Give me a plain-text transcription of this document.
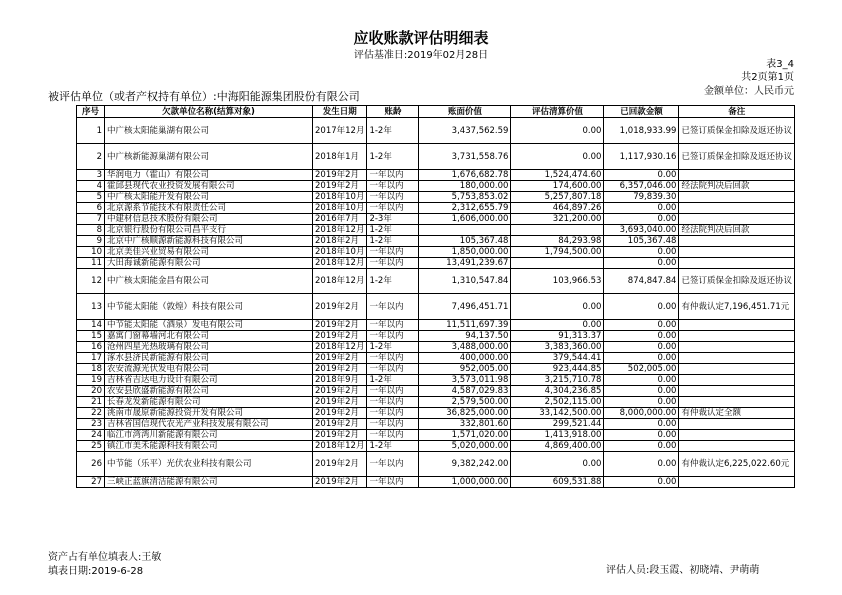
应收账款评估明细表
评估基准日:2019年02月28日
表3_4
共2页第1页
金额单位：人民币元
被评估单位（或者产权持有单位）:中海阳能源集团股份有限公司
序号	欠款单位名称(结算对象)	发生日期	账龄	账面价值	评估清算价值	已回款金额	备注
1	中广核太阳能巢湖有限公司	2017年12月	1-2年	3,437,562.59	0.00	1,018,933.99	已签订质保金扣除及返还协议
2	中广核新能源巢湖有限公司	2018年1月	1-2年	3,731,558.76	0.00	1,117,930.16	已签订质保金扣除及返还协议
3	华润电力（霍山）有限公司	2019年2月	一年以内	1,676,682.78	1,524,474.60	0.00	
4	霍邱县现代农业投资发展有限公司	2019年2月	一年以内	180,000.00	174,600.00	6,357,046.00	经法院判决后回款
5	中广核太阳能开发有限公司	2018年10月	一年以内	5,753,853.02	5,257,807.18	79,839.30	
6	北京源系节能技术有限责任公司	2018年10月	一年以内	2,312,655.79	464,897.26	0.00	
7	中建材信息技术股份有限公司	2016年7月	2-3年	1,606,000.00	321,200.00	0.00	
8	北京银行股份有限公司昌平支行	2018年12月	1-2年			3,693,040.00	经法院判决后回款
9	北京中广核顺源新能源科技有限公司	2018年2月	1-2年	105,367.48	84,293.98	105,367.48	
10	北京美佳兴业贸易有限公司	2018年10月	一年以内	1,850,000.00	1,794,500.00	0.00	
11	大田海诚新能源有限公司	2018年12月	一年以内	13,491,239.67		0.00	
12	中广核太阳能金昌有限公司	2018年12月	1-2年	1,310,547.84	103,966.53	874,847.84	已签订质保金扣除及返还协议
13	中节能太阳能（敦煌）科技有限公司	2019年2月	一年以内	7,496,451.71	0.00	0.00	有仲裁认定7,196,451.71元
14	中节能太阳能（酒泉）发电有限公司	2019年2月	一年以内	11,511,697.39	0.00	0.00	
15	嘉寓门窗幕墙河北有限公司	2019年2月	一年以内	94,137.50	91,313.37	0.00	
16	沧州四星光热玻璃有限公司	2018年12月	1-2年	3,488,000.00	3,383,360.00	0.00	
17	涿水县济民新能源有限公司	2019年2月	一年以内	400,000.00	379,544.41	0.00	
18	农安流源光伏发电有限公司	2019年2月	一年以内	952,005.00	923,444.85	502,005.00	
19	吉林省吉达电力设计有限公司	2018年9月	1-2年	3,573,011.98	3,215,710.78	0.00	
20	农安县欣盛新能源有限公司	2019年2月	一年以内	4,587,029.83	4,304,236.85	0.00	
21	长春龙发新能源有限公司	2019年2月	一年以内	2,579,500.00	2,502,115.00	0.00	
22	洮南市晟原新能源投资开发有限公司	2019年2月	一年以内	36,825,000.00	33,142,500.00	8,000,000.00	有仲裁认定全额
23	吉林省国信现代农光产业科技发展有限公司	2019年2月	一年以内	332,801.60	299,521.44	0.00	
24	临江市湾湾川新能源有限公司	2019年2月	一年以内	1,571,020.00	1,413,918.00	0.00	
25	镇江市美禾能源科技有限公司	2018年12月	1-2年	5,020,000.00	4,869,400.00	0.00	
26	中节能（乐平）光伏农业科技有限公司	2019年2月	一年以内	9,382,242.00	0.00	0.00	有仲裁认定6,225,022.60元
27	三峡正蓝旗清洁能源有限公司	2019年2月	一年以内	1,000,000.00	609,531.88	0.00	
资产占有单位填表人:王敏
填表日期:2019-6-28	评估人员:段玉霞、初晓靖、尹萌萌
